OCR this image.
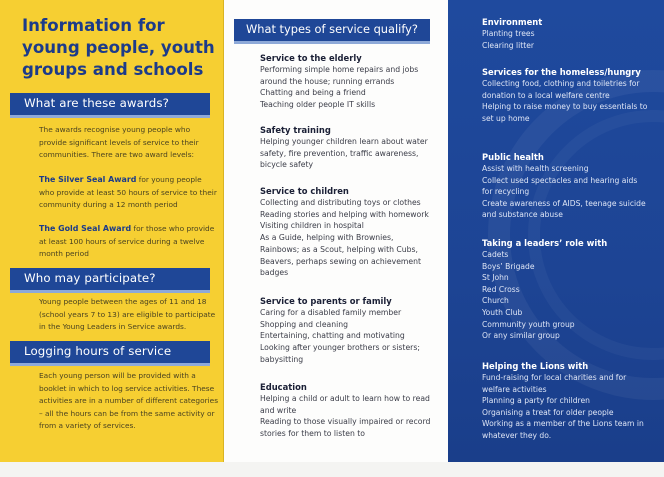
Information for young people, youth groups and schools
What are these awards?
The awards recognise young people who provide significant levels of service to their communities. There are two award levels:
The Silver Seal Award for young people who provide at least 50 hours of service to their community during a 12 month period
The Gold Seal Award for those who provide at least 100 hours of service during a twelve month period
Who may participate?
Young people between the ages of 11 and 18 (school years 7 to 13) are eligible to participate in the Young Leaders in Service awards.
Logging hours of service
Each young person will be provided with a booklet in which to log service activities. These activities are in a number of different categories – all the hours can be from the same activity or from a variety of services.
What types of service qualify?
Service to the elderly
Performing simple home repairs and jobs
around the house; running errands
Chatting and being a friend
Teaching older people IT skills
Safety training
Helping younger children learn about water
safety, fire prevention, traffic awareness,
bicycle safety
Service to children
Collecting and distributing toys or clothes
Reading stories and helping with homework
Visiting children in hospital
As a Guide, helping with Brownies,
Rainbows; as a Scout, helping with Cubs,
Beavers, perhaps sewing on achievement
badges
Service to parents or family
Caring for a disabled family member
Shopping and cleaning
Entertaining, chatting and motivating
Looking after younger brothers or sisters;
babysitting
Education
Helping a child or adult to learn how to read
and write
Reading to those visually impaired or record
stories for them to listen to
Environment
Planting trees
Clearing litter
Services for the homeless/hungry
Collecting food, clothing and toiletries for
donation to a local welfare centre
Helping to raise money to buy essentials to
set up home
Public health
Assist with health screening
Collect used spectacles and hearing aids
for recycling
Create awareness of AIDS, teenage suicide
and substance abuse
Taking a leaders’ role with
Cadets
Boys’ Brigade
St John
Red Cross
Church
Youth Club
Community youth group
Or any similar group
Helping the Lions with
Fund-raising for local charities and for
welfare activities
Planning a party for children
Organising a treat for older people
Working as a member of the Lions team in
whatever they do.
